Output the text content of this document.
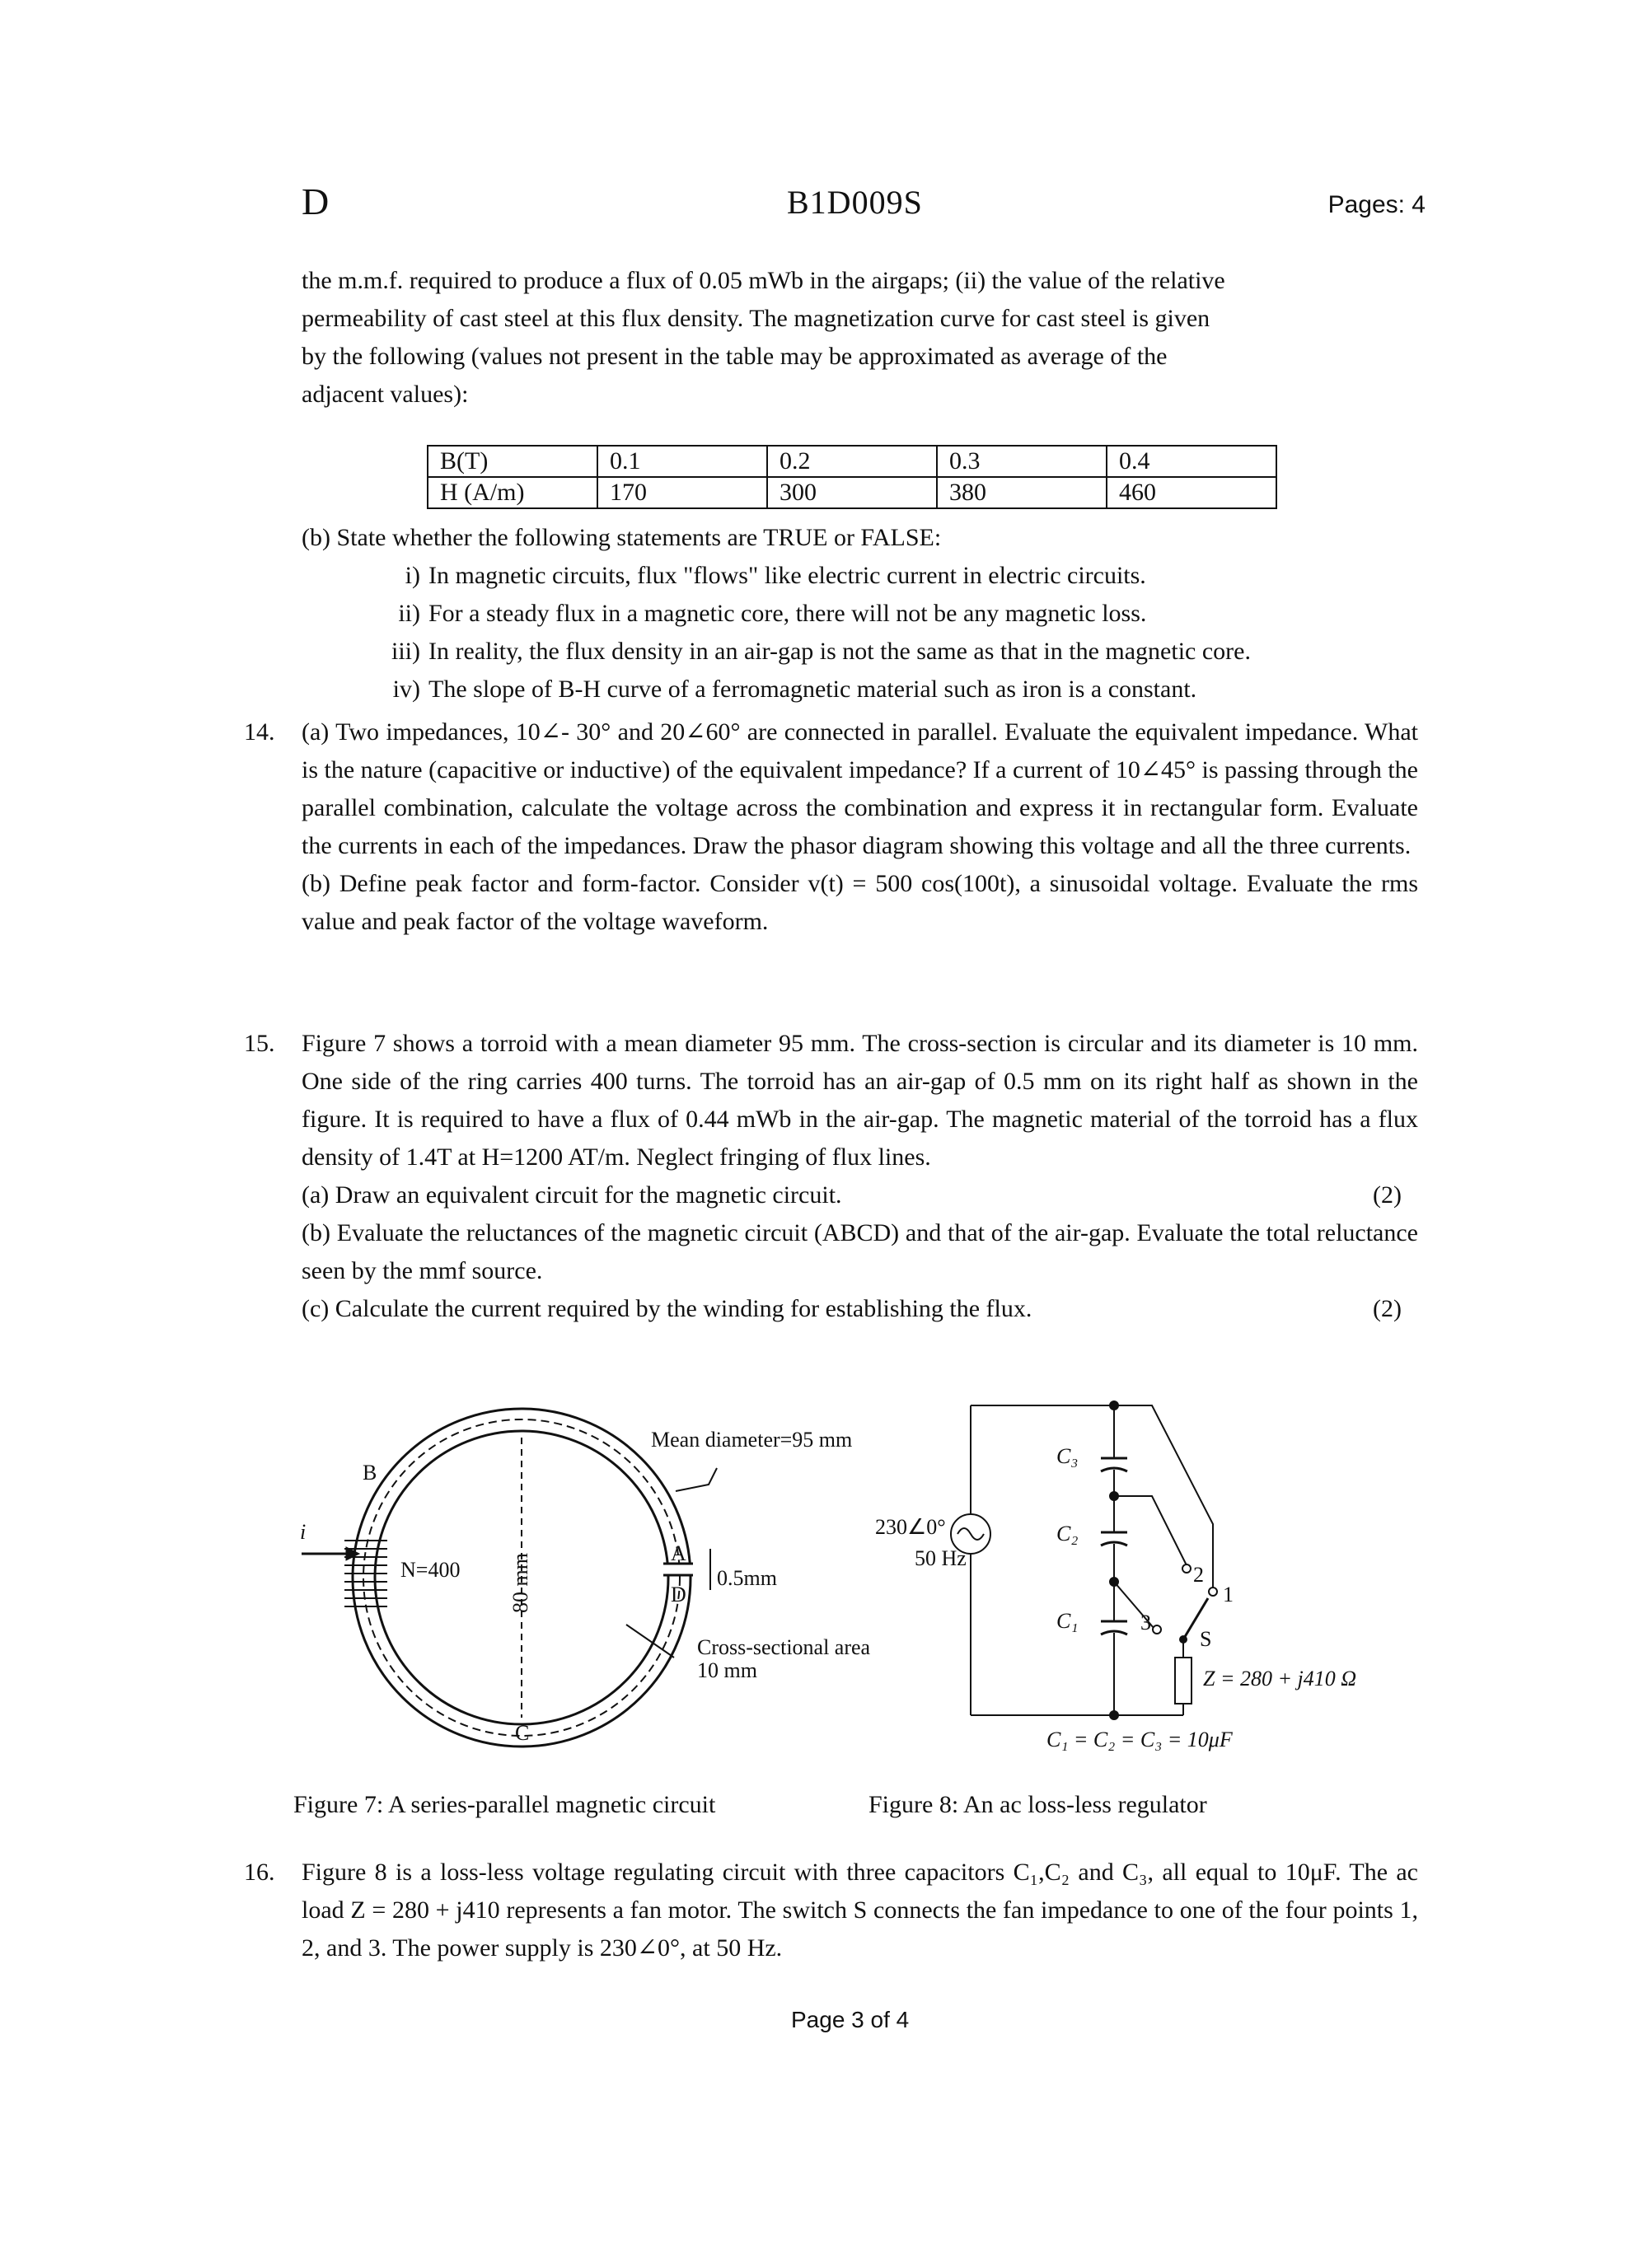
D	B1D009S	Pages: 4

the m.m.f. required to produce a flux of 0.05 mWb in the airgaps; (ii) the value of the relative

permeability of cast steel at this flux density. The magnetization curve for cast steel is given

by the following (values not present in the table may be approximated as average of the

adjacent values):

B(T)	0.1	0.2	0.3	0.4
H (A/m)	170	300	380	460
(b) State whether the following statements are TRUE or FALSE:
i) In magnetic circuits, flux "flows" like electric current in electric circuits.
ii) For a steady flux in a magnetic core, there will not be any magnetic loss.
iii) In reality, the flux density in an air-gap is not the same as that in the magnetic core.
iv) The slope of B-H curve of a ferromagnetic material such as iron is a constant.
14. (a) Two impedances, 10∠- 30° and 20∠60° are connected in parallel. Evaluate the equivalent impedance. What is the nature (capacitive or inductive) of the equivalent impedance? If a current of 10∠45° is passing through the parallel combination, calculate the voltage across the combination and express it in rectangular form. Evaluate the currents in each of the impedances. Draw the phasor diagram showing this voltage and all the three currents.
(b) Define peak factor and form-factor. Consider v(t) = 500 cos(100t), a sinusoidal voltage. Evaluate the rms value and peak factor of the voltage waveform.
15. Figure 7 shows a torroid with a mean diameter 95 mm. The cross-section is circular and its diameter is 10 mm. One side of the ring carries 400 turns. The torroid has an air-gap of 0.5 mm on its right half as shown in the figure. It is required to have a flux of 0.44 mWb in the air-gap. The magnetic material of the torroid has a flux density of 1.4T at H=1200 AT/m. Neglect fringing of flux lines.
(a) Draw an equivalent circuit for the magnetic circuit.	(2)
(b) Evaluate the reluctances of the magnetic circuit (ABCD) and that of the air-gap. Evaluate the total reluctance seen by the mmf source.
(c) Calculate the current required by the winding for establishing the flux.	(2)
Mean diameter=95 mm
N=400 80 mm	0.5mm
Cross-sectional area
10 mm
B
A
D
C
i	230∠0°
50 Hz
C₃
C₂
C₁
1
2
3
S
Z = 280 + j410 Ω
C₁ = C₂ = C₃ = 10μF
Figure 7: A series-parallel magnetic circuit	Figure 8: An ac loss-less regulator
16. Figure 8 is a loss-less voltage regulating circuit with three capacitors C₁,C₂ and C₃, all equal to 10μF. The ac load Z = 280 + j410 represents a fan motor. The switch S connects the fan impedance to one of the four points 1, 2, and 3. The power supply is 230∠0°, at 50 Hz.
Page 3 of 4
